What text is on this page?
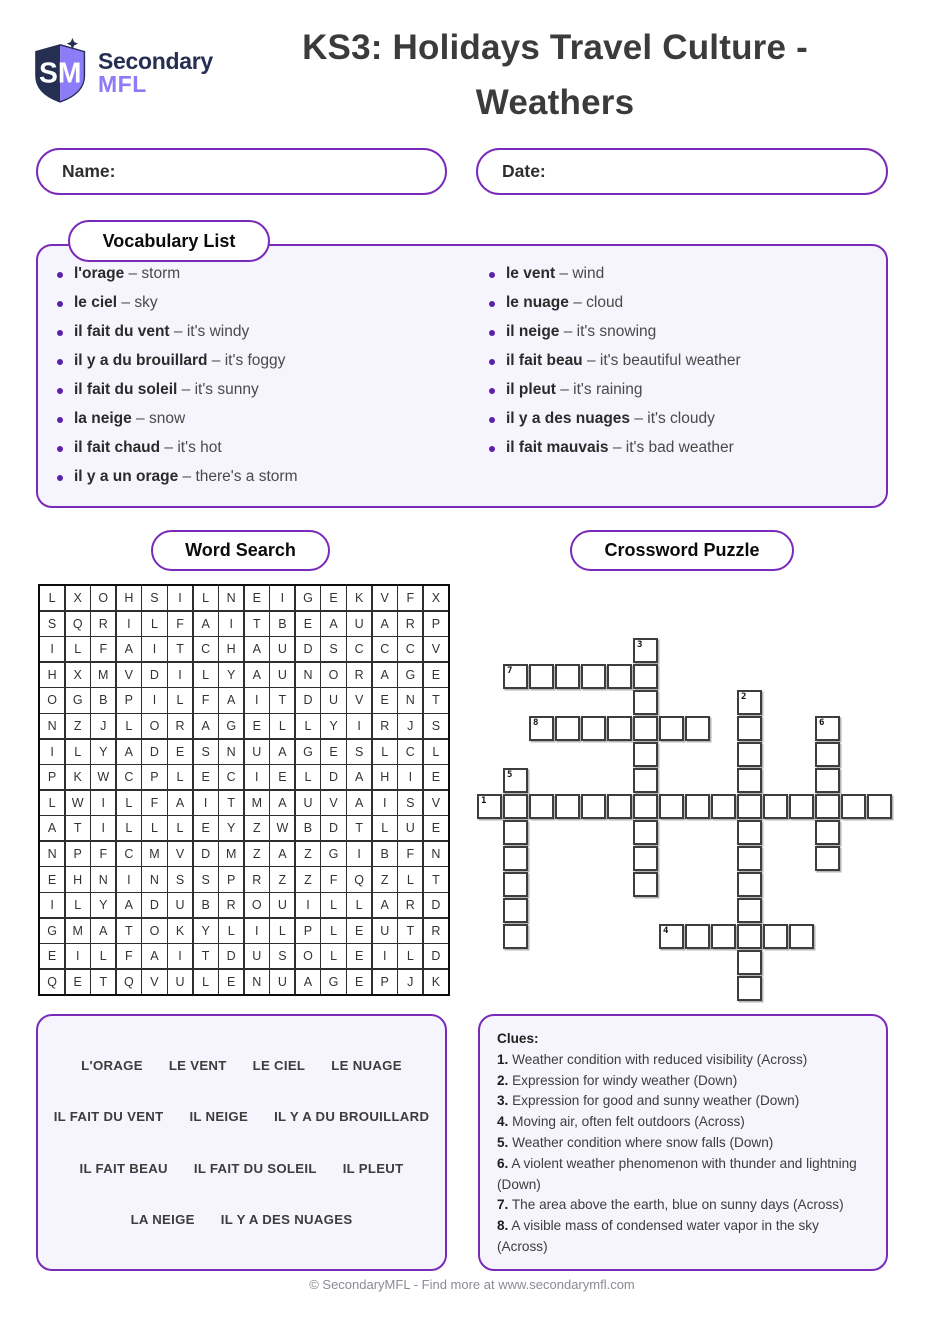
SM Secondary
MFL
KS3: Holidays Travel Culture -
Weathers
Name:	Date:
Vocabulary List
l'orage – storm
le ciel – sky
il fait du vent – it's windy
il y a du brouillard – it's foggy
il fait du soleil – it's sunny
la neige – snow
il fait chaud – it's hot
il y a un orage – there's a storm
le vent – wind
le nuage – cloud
il neige – it's snowing
il fait beau – it's beautiful weather
il pleut – it's raining
il y a des nuages – it's cloudy
il fait mauvais – it's bad weather
Word Search	Crossword Puzzle
L	X	O	H	S	I	L	N	E	I	G	E	K	V	F	X
S	Q	R	I	L	F	A	I	T	B	E	A	U	A	R	P
I	L	F	A	I	T	C	H	A	U	D	S	C	C	C	V
H	X	M	V	D	I	L	Y	A	U	N	O	R	A	G	E
O	G	B	P	I	L	F	A	I	T	D	U	V	E	N	T
N	Z	J	L	O	R	A	G	E	L	L	Y	I	R	J	S
I	L	Y	A	D	E	S	N	U	A	G	E	S	L	C	L
P	K	W	C	P	L	E	C	I	E	L	D	A	H	I	E
L	W	I	L	F	A	I	T	M	A	U	V	A	I	S	V
A	T	I	L	L	L	E	Y	Z	W	B	D	T	L	U	E
N	P	F	C	M	V	D	M	Z	A	Z	G	I	B	F	N
E	H	N	I	N	S	S	P	R	Z	Z	F	Q	Z	L	T
I	L	Y	A	D	U	B	R	O	U	I	L	L	A	R	D
G	M	A	T	O	K	Y	L	I	L	P	L	E	U	T	R
E	I	L	F	A	I	T	D	U	S	O	L	E	I	L	D
Q	E	T	Q	V	U	L	E	N	U	A	G	E	P	J	K
1
2
3
4
5
6
7
8
L'ORAGE LE VENT LE CIEL LE NUAGE
IL FAIT DU VENT IL NEIGE IL Y A DU BROUILLARD
IL FAIT BEAU IL FAIT DU SOLEIL IL PLEUT
LA NEIGE IL Y A DES NUAGES
Clues:
1. Weather condition with reduced visibility (Across)
2. Expression for windy weather (Down)
3. Expression for good and sunny weather (Down)
4. Moving air, often felt outdoors (Across)
5. Weather condition where snow falls (Down)
6. A violent weather phenomenon with thunder and lightning (Down)
7. The area above the earth, blue on sunny days (Across)
8. A visible mass of condensed water vapor in the sky (Across)
© SecondaryMFL - Find more at www.secondarymfl.com
